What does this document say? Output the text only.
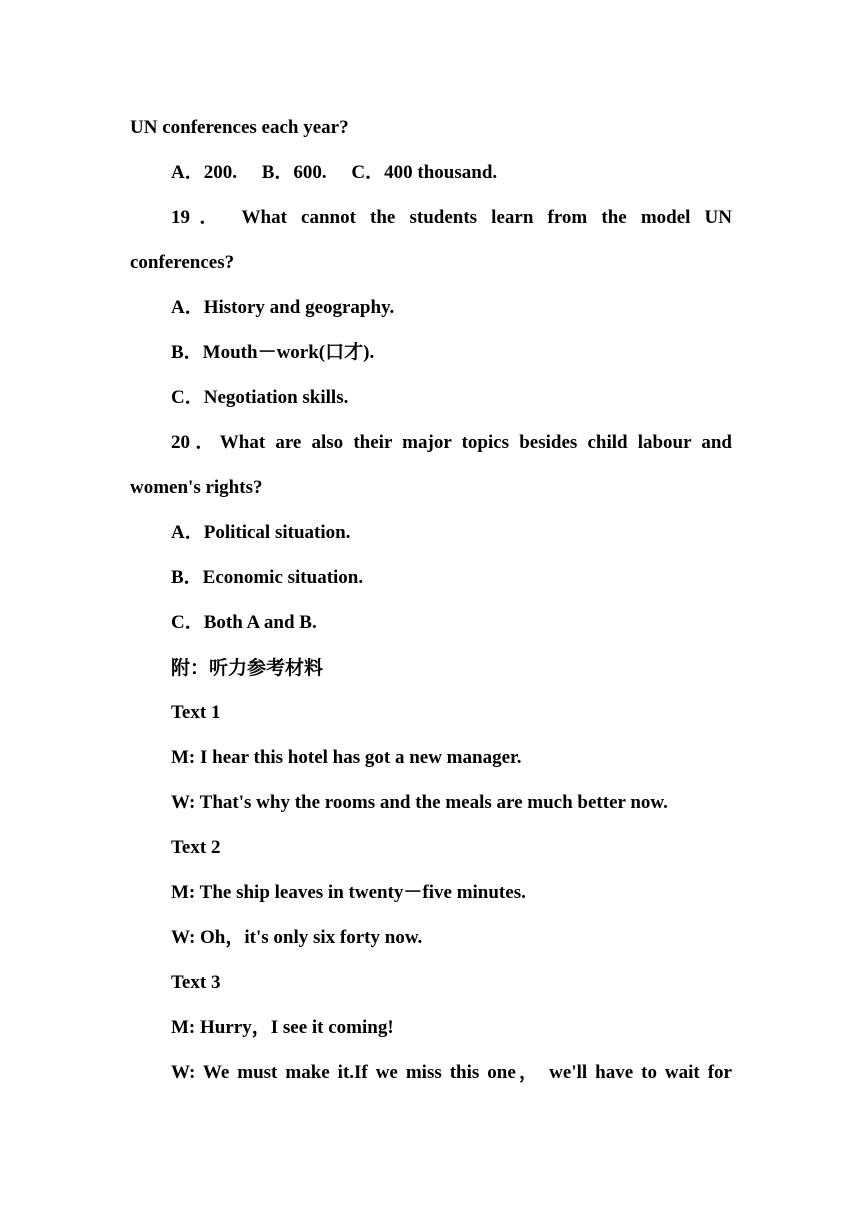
UN conferences each year?
A．200. B．600. C．400 thousand.
19． What cannot the students learn from the model UN
conferences?
A．History and geography.
B．Mouth－work(口才).
C．Negotiation skills.
20．What are also their major topics besides child labour and
women's rights?
A．Political situation.
B．Economic situation.
C．Both A and B.
附：听力参考材料
Text 1
M: I hear this hotel has got a new manager.
W: That's why the rooms and the meals are much better now.
Text 2
M: The ship leaves in twenty－five minutes.
W: Oh，it's only six forty now.
Text 3
M: Hurry，I see it coming!
W: We must make it.If we miss this one， we'll have to wait for
